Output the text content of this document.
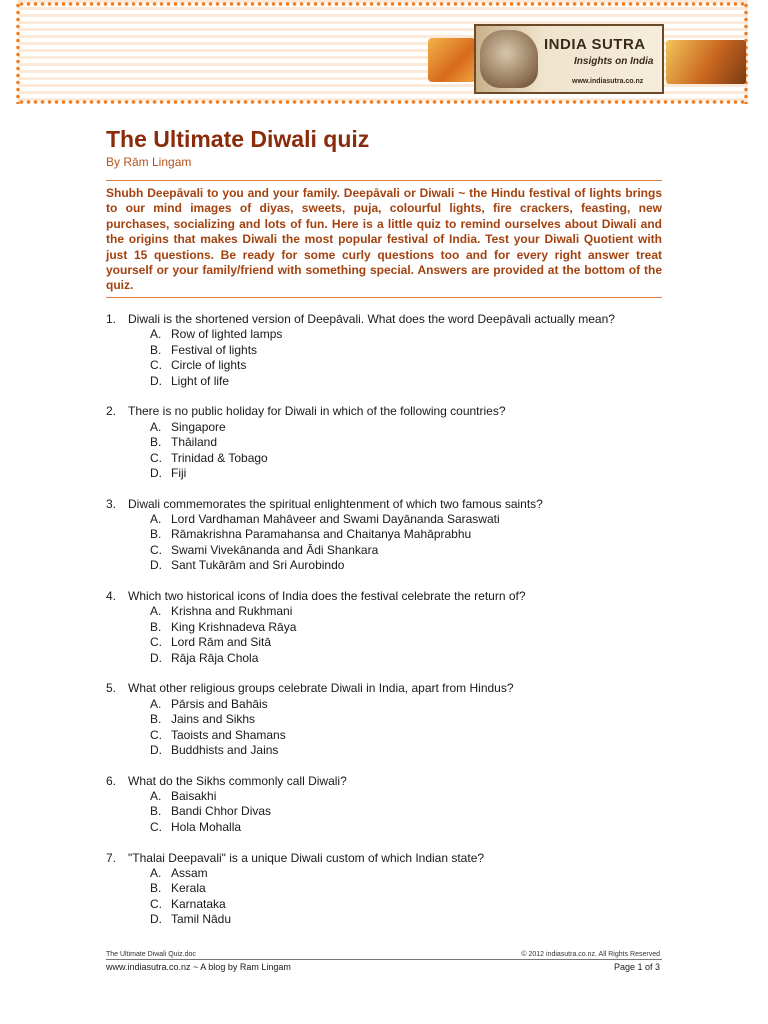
INDIA SUTRA
Insights on India
www.indiasutra.co.nz
The Ultimate Diwali quiz
By Rām Lingam

Shubh Deepāvali to you and your family. Deepāvali or Diwali ~ the Hindu festival of lights brings to our mind images of diyas, sweets, puja, colourful lights, fire crackers, feasting, new purchases, socializing and lots of fun. Here is a little quiz to remind ourselves about Diwali and the origins that makes Diwali the most popular festival of India. Test your Diwali Quotient with just 15 questions. Be ready for some curly questions too and for every right answer treat yourself or your family/friend with something special. Answers are provided at the bottom of the quiz.

1. Diwali is the shortened version of Deepāvali. What does the word Deepāvali actually mean?
A. Row of lighted lamps
B. Festival of lights
C. Circle of lights
D. Light of life
2. There is no public holiday for Diwali in which of the following countries?
A. Singapore
B. Thāiland
C. Trinidad & Tobago
D. Fiji
3. Diwali commemorates the spiritual enlightenment of which two famous saints?
A. Lord Vardhaman Mahāveer and Swami Dayānanda Saraswati
B. Rāmakrishna Paramahansa and Chaitanya Mahāprabhu
C. Swami Vivekānanda and Ādi Shankara
D. Sant Tukārām and Sri Aurobindo
4. Which two historical icons of India does the festival celebrate the return of?
A. Krishna and Rukhmani
B. King Krishnadeva Rāya
C. Lord Rām and Sitā
D. Rāja Rāja Chola
5. What other religious groups celebrate Diwali in India, apart from Hindus?
A. Pārsis and Bahāis
B. Jains and Sikhs
C. Taoists and Shamans
D. Buddhists and Jains
6. What do the Sikhs commonly call Diwali?
A. Baisakhi
B. Bandi Chhor Divas
C. Hola Mohalla
7. "Thalai Deepavali" is a unique Diwali custom of which Indian state?
A. Assam
B. Kerala
C. Karnataka
D. Tamil Nādu
The Ultimate Diwali Quiz.doc	© 2012 indiasutra.co.nz. All Rights Reserved
www.indiasutra.co.nz ~ A blog by Ram Lingam	Page 1 of 3
